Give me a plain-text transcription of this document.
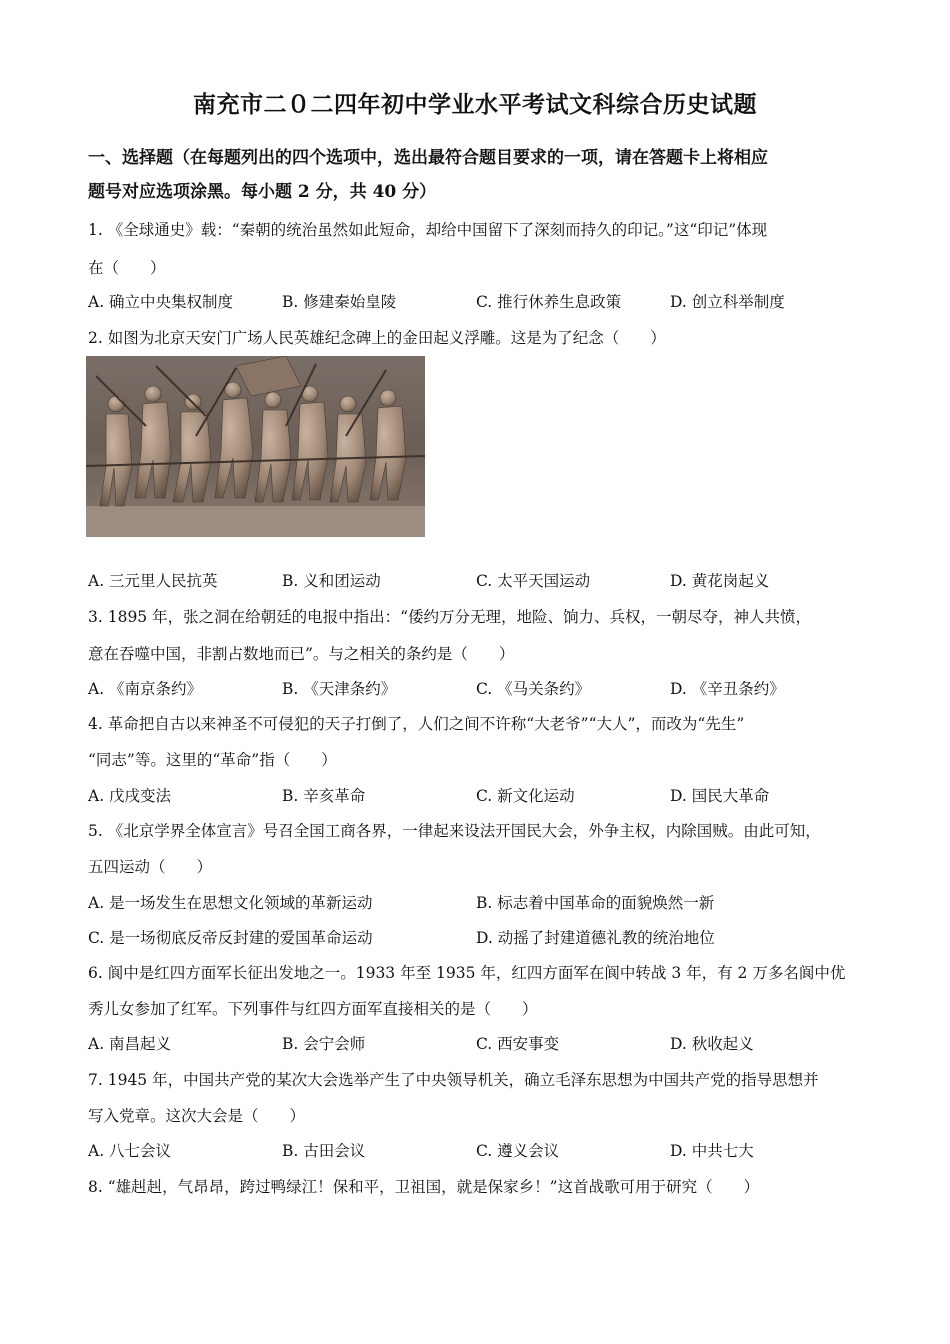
南充市二０二四年初中学业水平考试文科综合历史试题
一、选择题（在每题列出的四个选项中，选出最符合题目要求的一项，请在答题卡上将相应
题号对应选项涂黑。每小题 2 分，共 40 分）
1. 《全球通史》载：“秦朝的统治虽然如此短命，却给中国留下了深刻而持久的印记。”这“印记”体现
在（　　）
A. 确立中央集权制度	B. 修建秦始皇陵	C. 推行休养生息政策	D. 创立科举制度
2. 如图为北京天安门广场人民英雄纪念碑上的金田起义浮雕。这是为了纪念（　　）
A. 三元里人民抗英	B. 义和团运动	C. 太平天国运动	D. 黄花岗起义
3. 1895 年，张之洞在给朝廷的电报中指出：“倭约万分无理，地险、饷力、兵权，一朝尽夺，神人共愤，
意在吞噬中国，非割占数地而已”。与之相关的条约是（　　）
A. 《南京条约》	B. 《天津条约》	C. 《马关条约》	D. 《辛丑条约》
4. 革命把自古以来神圣不可侵犯的天子打倒了，人们之间不许称“大老爷”“大人”，而改为“先生”
“同志”等。这里的“革命”指（　　）
A. 戊戌变法	B. 辛亥革命	C. 新文化运动	D. 国民大革命
5. 《北京学界全体宣言》号召全国工商各界，一律起来设法开国民大会，外争主权，内除国贼。由此可知，
五四运动（　　）
A. 是一场发生在思想文化领域的革新运动	B. 标志着中国革命的面貌焕然一新
C. 是一场彻底反帝反封建的爱国革命运动	D. 动摇了封建道德礼教的统治地位
6. 阆中是红四方面军长征出发地之一。1933 年至 1935 年，红四方面军在阆中转战 3 年，有 2 万多名阆中优
秀儿女参加了红军。下列事件与红四方面军直接相关的是（　　）
A. 南昌起义	B. 会宁会师	C. 西安事变	D. 秋收起义
7. 1945 年，中国共产党的某次大会选举产生了中央领导机关，确立毛泽东思想为中国共产党的指导思想并
写入党章。这次大会是（　　）
A. 八七会议	B. 古田会议	C. 遵义会议	D. 中共七大
8. “雄赳赳，气昂昂，跨过鸭绿江！保和平，卫祖国，就是保家乡！”这首战歌可用于研究（　　）
